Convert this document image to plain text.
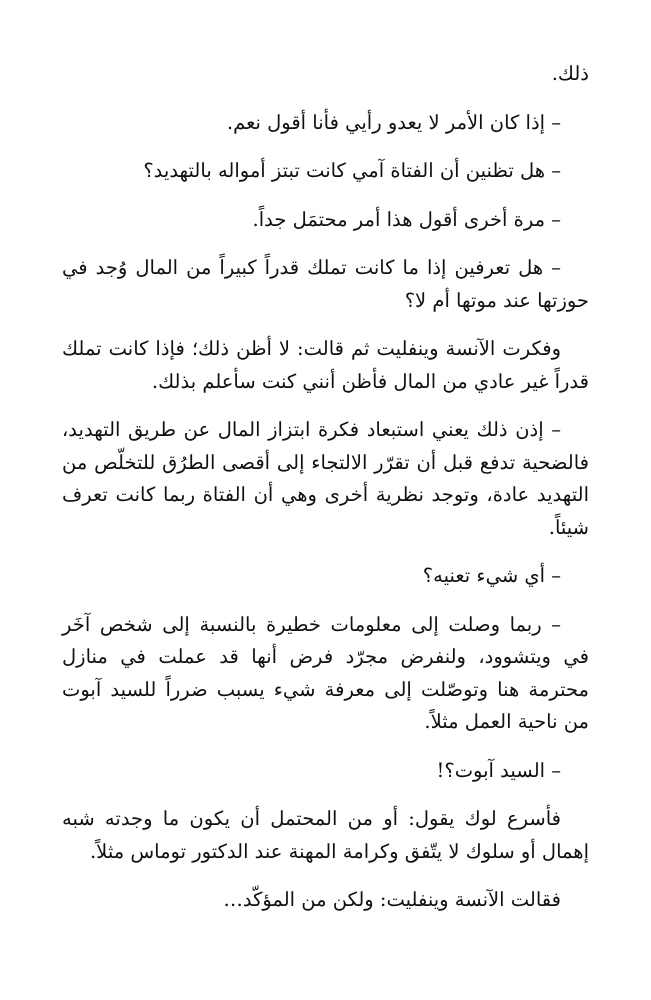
ذلك.

– إذا كان الأمر لا يعدو رأيي فأنا أقول نعم.

– هل تظنين أن الفتاة آمي كانت تبتز أمواله بالتهديد؟

– مرة أخرى أقول هذا أمر محتمَل جداً.

– هل تعرفين إذا ما كانت تملك قدراً كبيراً من المال وُجد في حوزتها عند موتها أم لا؟

وفكرت الآنسة وينفليت ثم قالت: لا أظن ذلك؛ فإذا كانت تملك قدراً غير عادي من المال فأظن أنني كنت سأعلم بذلك.

– إذن ذلك يعني استبعاد فكرة ابتزاز المال عن طريق التهديد، فالضحية تدفع قبل أن تقرّر الالتجاء إلى أقصى الطرُق للتخلّص من التهديد عادة، وتوجد نظرية أخرى وهي أن الفتاة ربما كانت تعرف شيئاً.

– أي شيء تعنيه؟

– ربما وصلت إلى معلومات خطيرة بالنسبة إلى شخص آخَر في ويتشوود، ولنفرض مجرّد فرض أنها قد عملت في منازل محترمة هنا وتوصّلت إلى معرفة شيء يسبب ضرراً للسيد آبوت من ناحية العمل مثلاً.

– السيد آبوت؟!

فأسرع لوك يقول: أو من المحتمل أن يكون ما وجدته شبه إهمال أو سلوك لا يتّفق وكرامة المهنة عند الدكتور توماس مثلاً.

فقالت الآنسة وينفليت: ولكن من المؤكّد…
